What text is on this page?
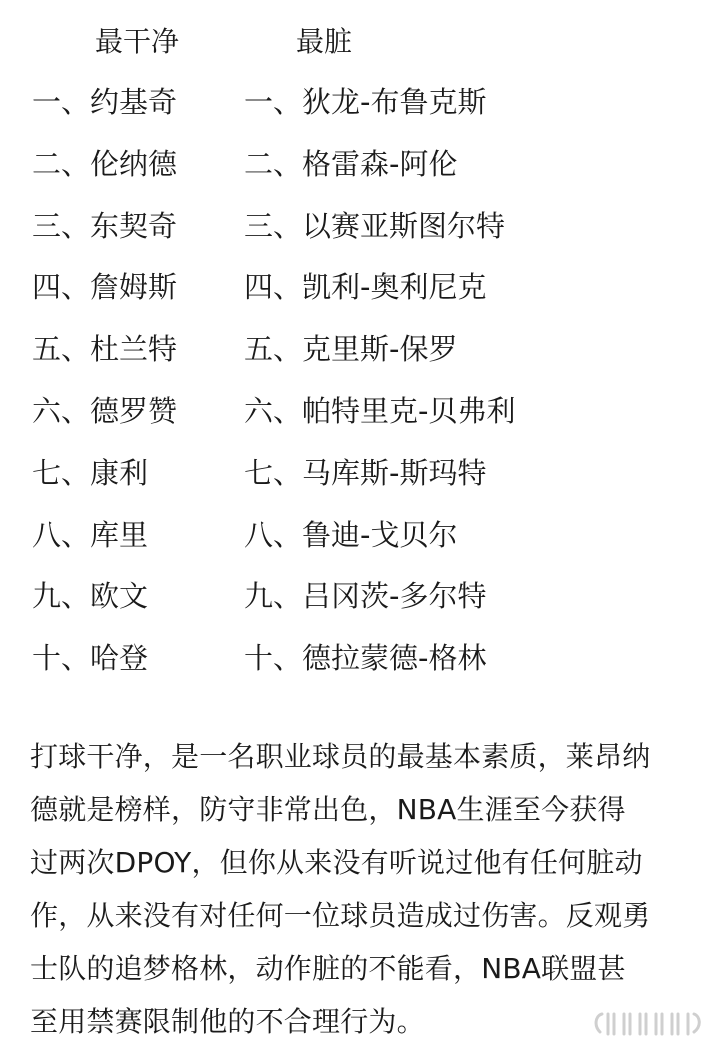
最干净	最脏
一、约基奇 一、狄龙-布鲁克斯
二、伦纳德 二、格雷森-阿伦
三、东契奇 三、以赛亚斯图尔特
四、詹姆斯 四、凯利-奥利尼克
五、杜兰特 五、克里斯-保罗
六、德罗赞 六、帕特里克-贝弗利
七、康利	七、马库斯-斯玛特
八、库里	八、鲁迪-戈贝尔
九、欧文	九、吕冈茨-多尔特
十、哈登	十、德拉蒙德-格林
打球干净，是一名职业球员的最基本素质，莱昂纳
德就是榜样，防守非常出色，NBA生涯至今获得
过两次DPOY，但你从来没有听说过他有任何脏动
作，从来没有对任何一位球员造成过伤害。反观勇
士队的追梦格林，动作脏的不能看，NBA联盟甚
至用禁赛限制他的不合理行为。
